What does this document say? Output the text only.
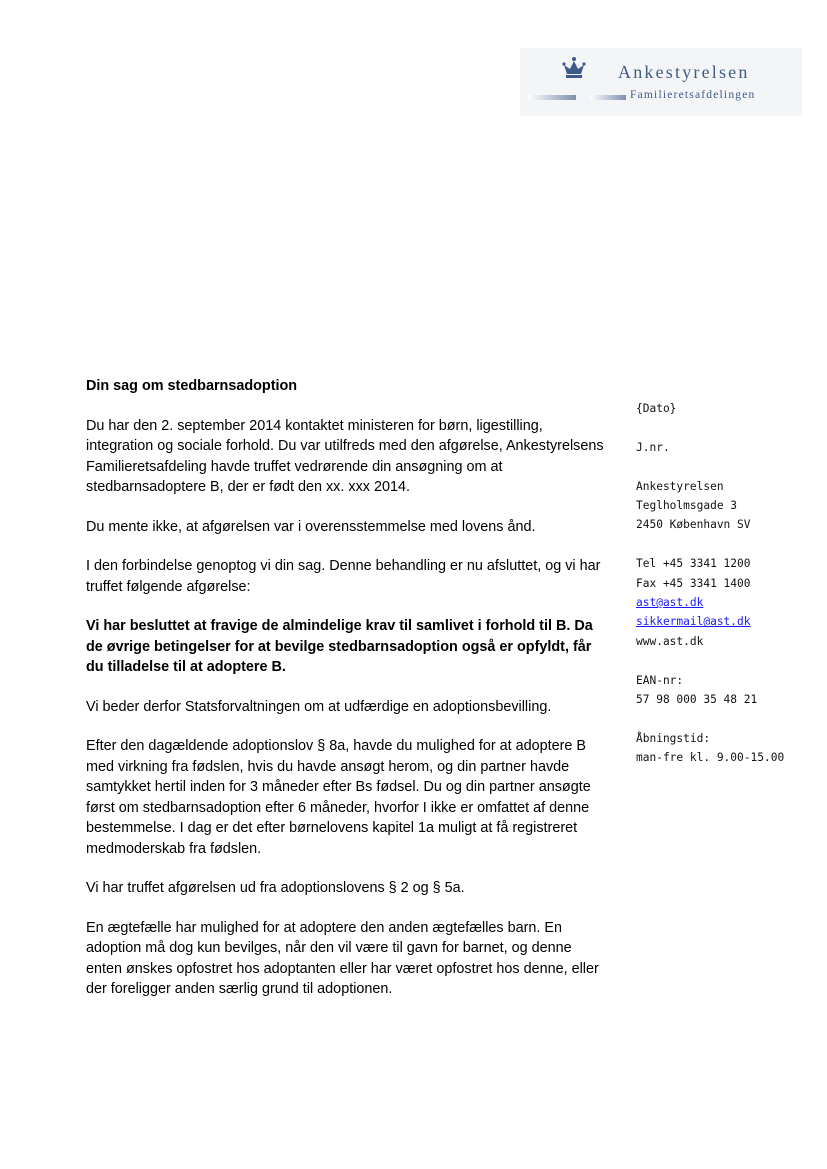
Ankestyrelsen
Familieretsafdelingen
Din sag om stedbarnsadoption

Du har den 2. september 2014 kontaktet ministeren for børn, ligestilling, integration og sociale forhold. Du var utilfreds med den afgørelse, Ankestyrelsens Familieretsafdeling havde truffet vedrørende din ansøgning om at stedbarnsadoptere B, der er født den xx. xxx 2014.

Du mente ikke, at afgørelsen var i overensstemmelse med lovens ånd.

I den forbindelse genoptog vi din sag. Denne behandling er nu afsluttet, og vi har truffet følgende afgørelse:

Vi har besluttet at fravige de almindelige krav til samlivet i forhold til B. Da de øvrige betingelser for at bevilge stedbarnsadoption også er opfyldt, får du tilladelse til at adoptere B.

Vi beder derfor Statsforvaltningen om at udfærdige en adoptionsbevilling.

Efter den dagældende adoptionslov § 8a, havde du mulighed for at adoptere B med virkning fra fødslen, hvis du havde ansøgt herom, og din partner havde samtykket hertil inden for 3 måneder efter Bs fødsel. Du og din partner ansøgte først om stedbarnsadoption efter 6 måneder, hvorfor I ikke er omfattet af denne bestemmelse. I dag er det efter børnelovens kapitel 1a muligt at få registreret medmoderskab fra fødslen.

Vi har truffet afgørelsen ud fra adoptionslovens § 2 og § 5a.

En ægtefælle har mulighed for at adoptere den anden ægtefælles barn. En adoption må dog kun bevilges, når den vil være til gavn for barnet, og denne enten ønskes opfostret hos adoptanten eller har været opfostret hos denne, eller der foreligger anden særlig grund til adoptionen.

{Dato}
J.nr.
Ankestyrelsen
Teglholmsgade 3
2450 København SV
Tel +45 3341 1200
Fax +45 3341 1400
ast@ast.dk
sikkermail@ast.dk
www.ast.dk
EAN-nr:
57 98 000 35 48 21
Åbningstid:
man-fre kl. 9.00-15.00
